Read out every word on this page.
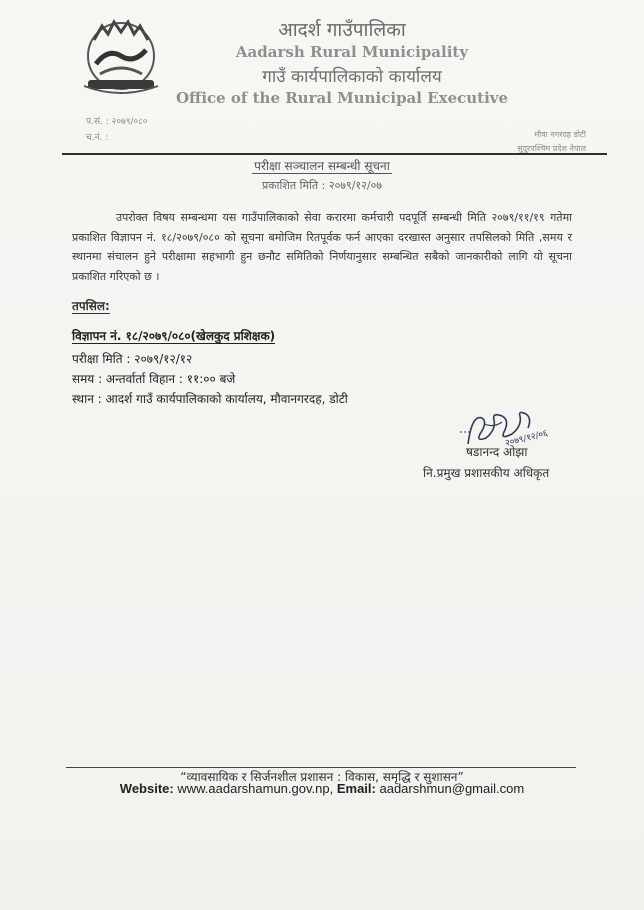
आदर्श गाउँपालिका
Aadarsh Rural Municipality
गाउँ कार्यपालिकाको कार्यालय
Office of the Rural Municipal Executive
प.सं. : २०७९/०८०
च.नं. :	मौवा नगरदह डोटी
सुदूरपश्चिम प्रदेश नेपाल
परीक्षा सञ्चालन सम्बन्धी सूचना
प्रकाशित मिति : २०७९/१२/०७
उपरोक्त विषय सम्बन्धमा यस गाउँपालिकाको सेवा करारमा कर्मचारी पदपूर्ति सम्बन्धी मिति २०७९/११/१९ गतेमा प्रकाशित विज्ञापन नं. १८/२०७९/०८० को सूचना बमोजिम रितपूर्वक फर्न आएका दरखास्त अनुसार तपसिलको मिति ,समय र स्थानमा संचालन हुने परीक्षामा सहभागी हुन छनौट समितिको निर्णयानुसार सम्बन्धित सबैको जानकारीको लागि यो सूचना प्रकाशित गरिएको छ ।
तपसिल:
विज्ञापन नं. १८/२०७९/०८०(खेलकुद प्रशिक्षक)
परीक्षा मिति : २०७९/१२/१२
समय : अन्तर्वार्ता विहान : ११:०० बजे
स्थान : आदर्श गाउँ कार्यपालिकाको कार्यालय, मौवानगरदह, डोटी
२०७९/१२/०६
षडानन्द ओझा
नि.प्रमुख प्रशासकीय अधिकृत
“व्यावसायिक र सिर्जनशील प्रशासन : विकास, समृद्धि र सुशासन”
Website: www.aadarshamun.gov.np, Email: aadarshmun@gmail.com
